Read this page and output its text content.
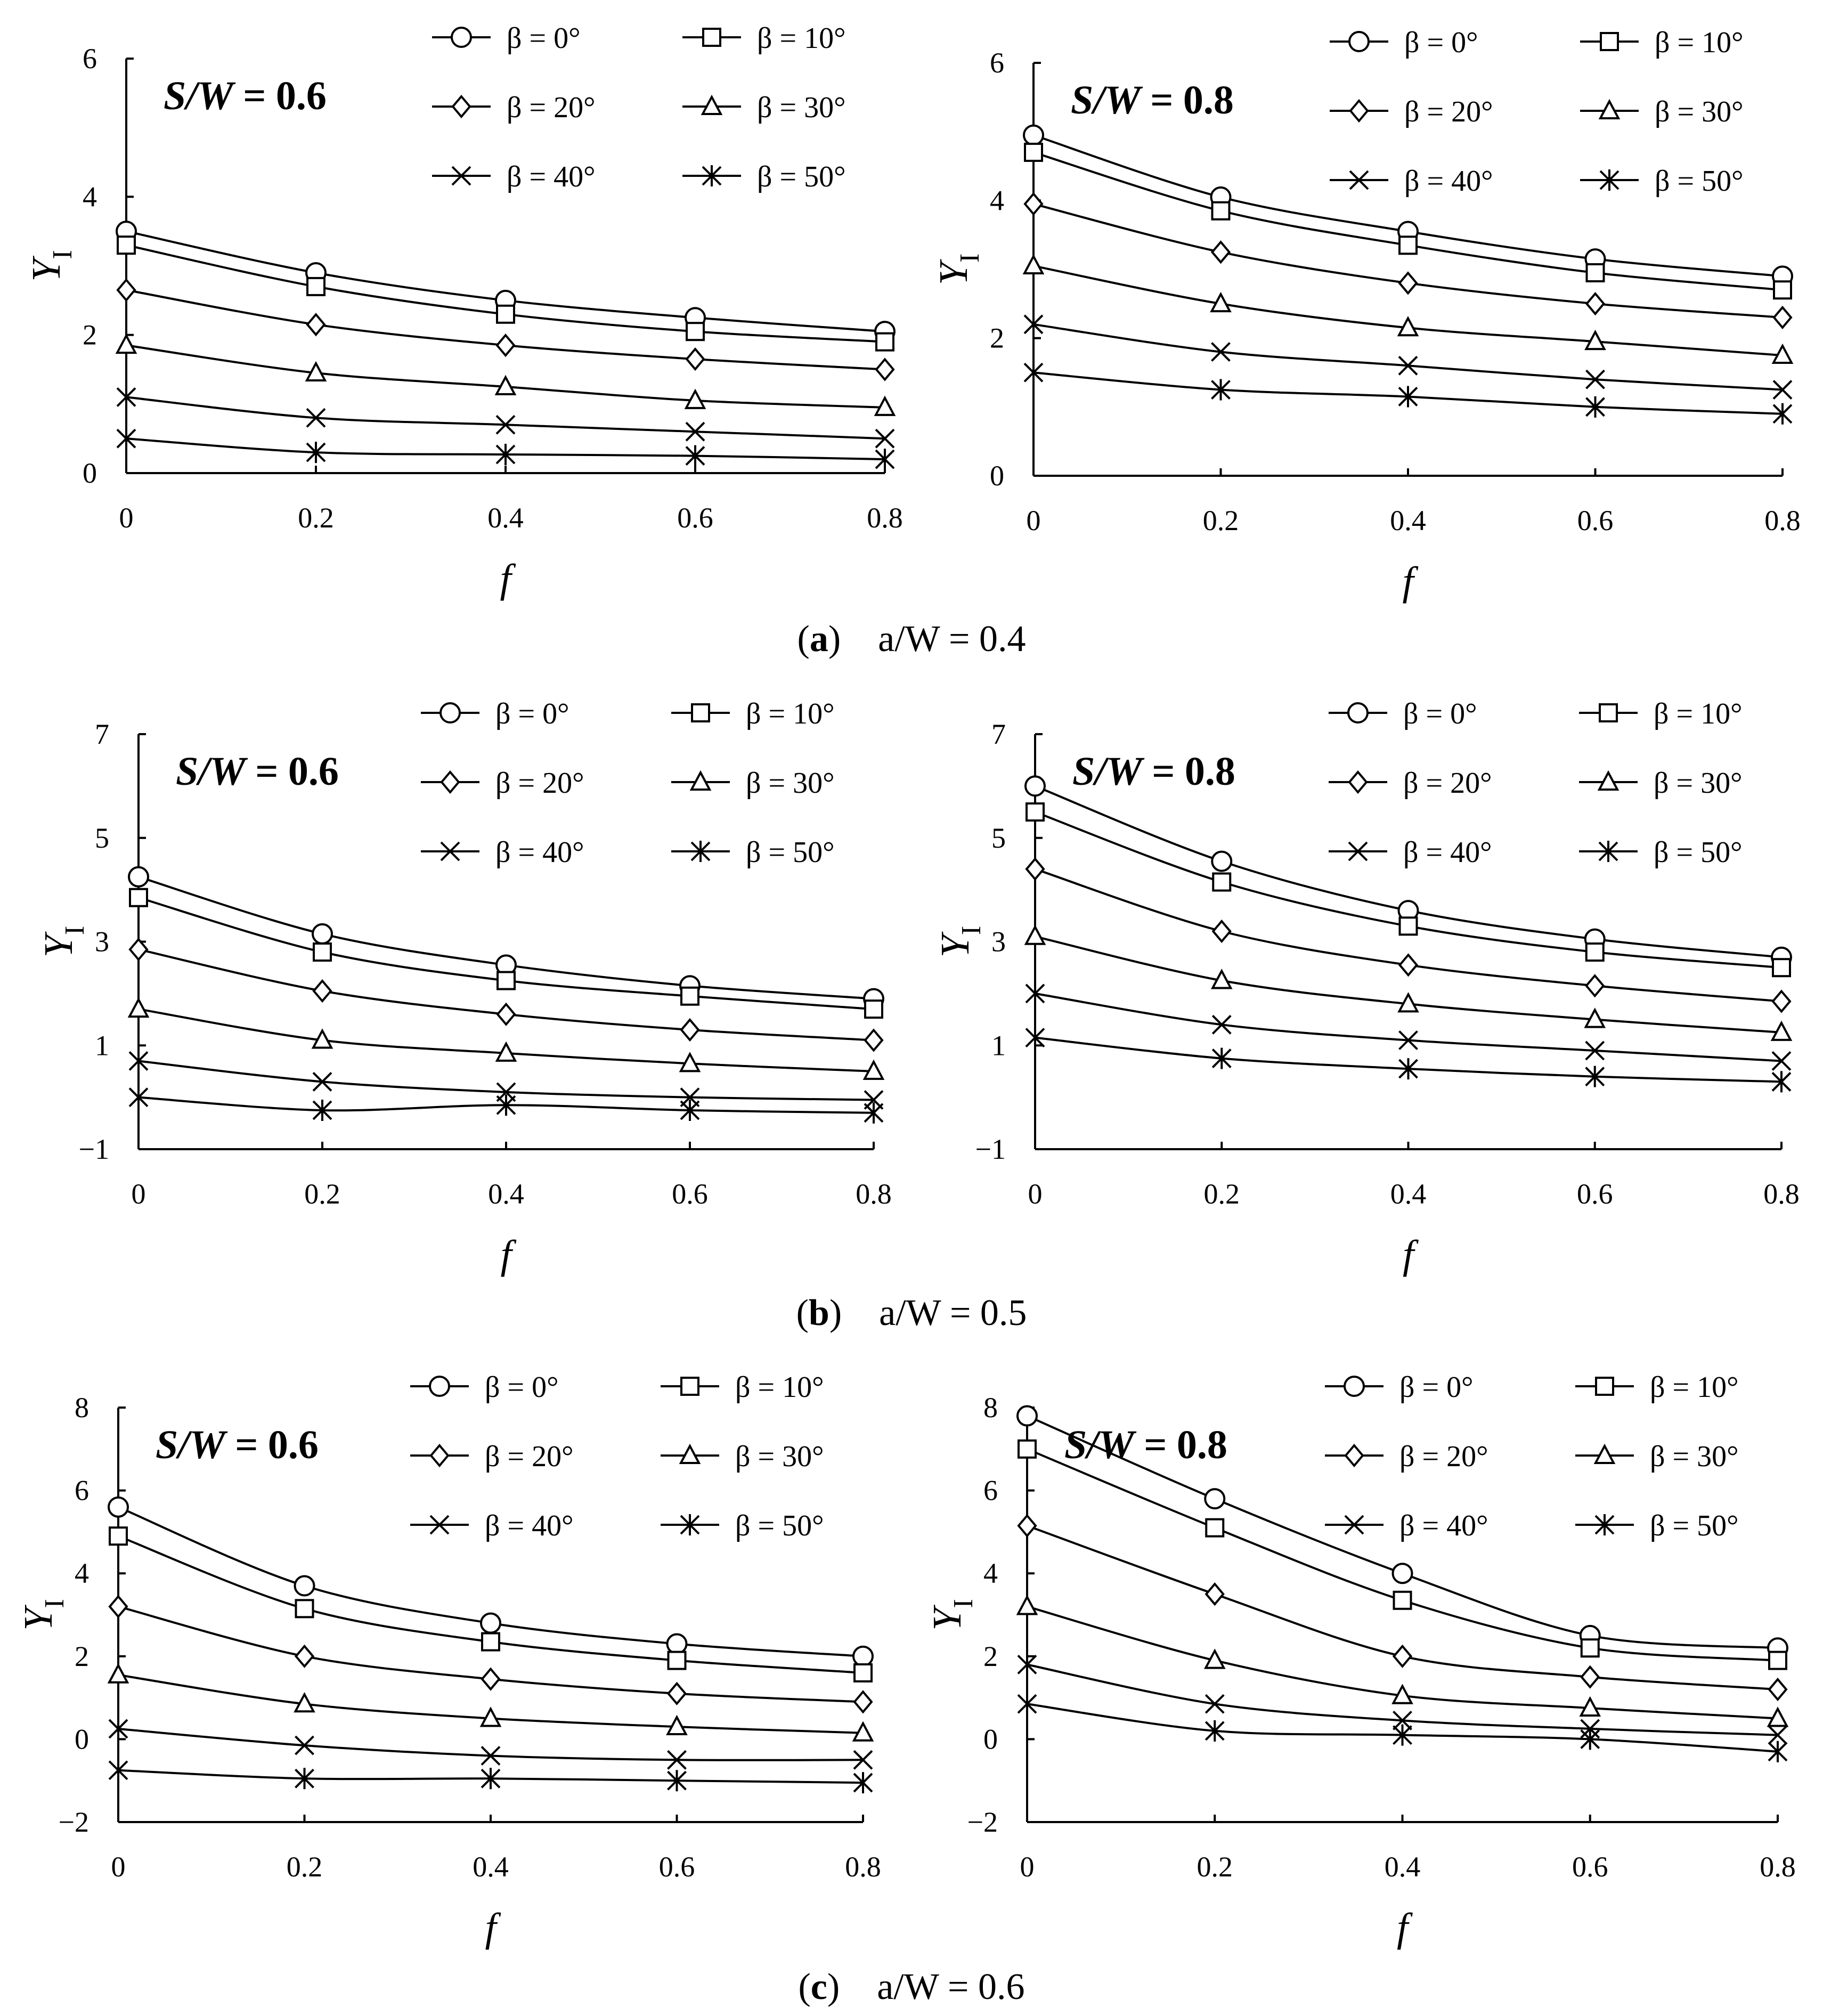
0
2
4
6
0	0.2	0.4	0.6	0.8
f
$Y_I$
β = 0°	β = 10°
β = 20°	β = 30°
β = 40°	β = 50°
S/W = 0.6
0
2
4
6
0	0.2	0.4	0.6	0.8
f
$Y_I$
β = 0°	β = 10°
β = 20°	β = 30°
β = 40°	β = 50°
S/W = 0.8
−1
1
3
5
7
0	0.2	0.4	0.6	0.8
f
$Y_I$
β = 0°	β = 10°
β = 20°	β = 30°
β = 40°	β = 50°
S/W = 0.6
−1
1
3
5
7
0	0.2	0.4	0.6	0.8
f
$Y_I$
β = 0°	β = 10°
β = 20°	β = 30°
β = 40°	β = 50°
S/W = 0.8
−2
0
2
4
6
8
0	0.2	0.4	0.6	0.8
f
$Y_I$
β = 0°	β = 10°
β = 20°	β = 30°
β = 40°	β = 50°
S/W = 0.6
−2
0
2
4
6
8
0	0.2	0.4	0.6	0.8
f
$Y_I$
β = 0°	β = 10°
β = 20°	β = 30°
β = 40°	β = 50°
S/W = 0.8
(a) a/W = 0.4
(b) a/W = 0.5
(c) a/W = 0.6
